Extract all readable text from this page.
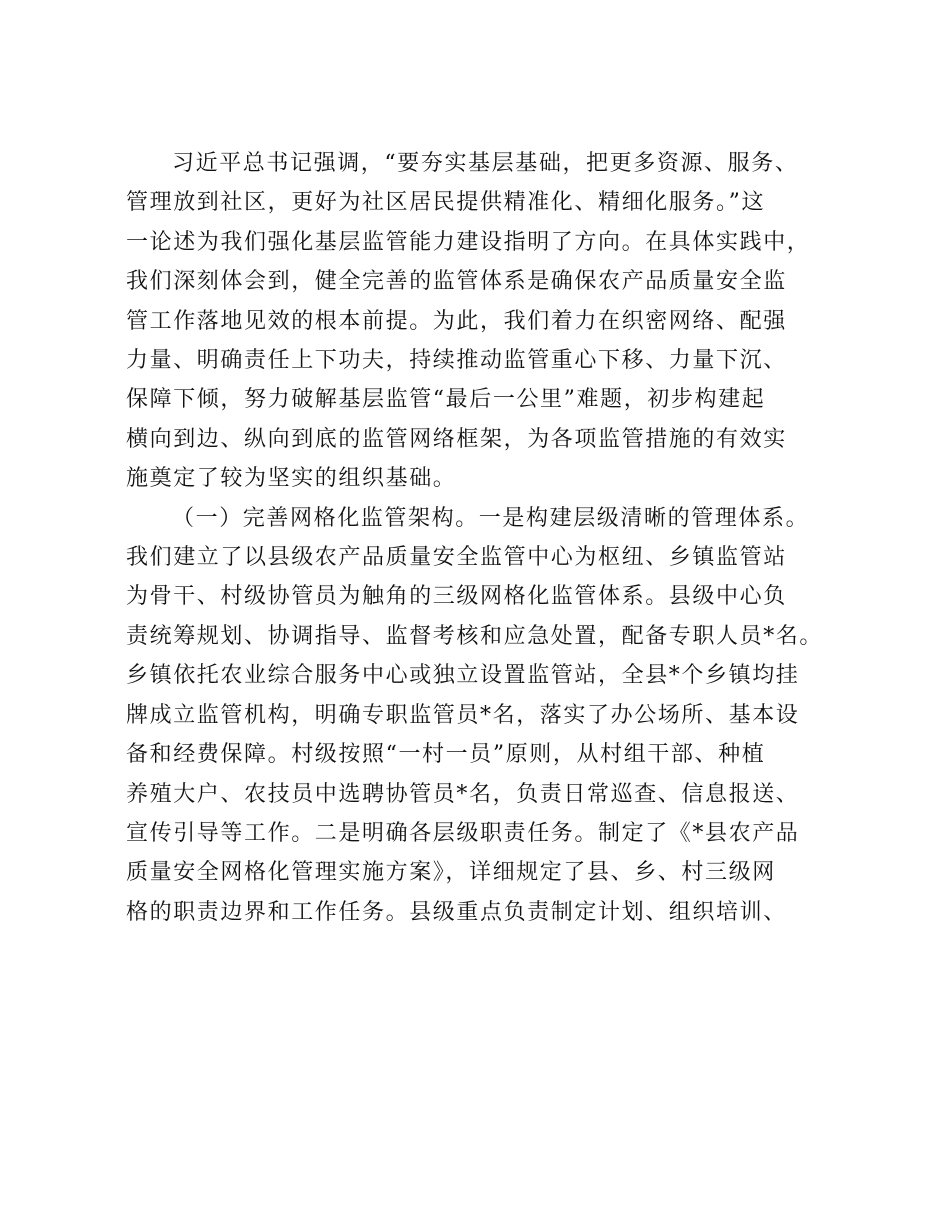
习近平总书记强调，“要夯实基层基础，把更多资源、服务、
管理放到社区，更好为社区居民提供精准化、精细化服务。”这
一论述为我们强化基层监管能力建设指明了方向。在具体实践中，
我们深刻体会到，健全完善的监管体系是确保农产品质量安全监
管工作落地见效的根本前提。为此，我们着力在织密网络、配强
力量、明确责任上下功夫，持续推动监管重心下移、力量下沉、
保障下倾，努力破解基层监管“最后一公里”难题，初步构建起
横向到边、纵向到底的监管网络框架，为各项监管措施的有效实
施奠定了较为坚实的组织基础。
（一）完善网格化监管架构。一是构建层级清晰的管理体系。
我们建立了以县级农产品质量安全监管中心为枢纽、乡镇监管站
为骨干、村级协管员为触角的三级网格化监管体系。县级中心负
责统筹规划、协调指导、监督考核和应急处置，配备专职人员*名。
乡镇依托农业综合服务中心或独立设置监管站，全县*个乡镇均挂
牌成立监管机构，明确专职监管员*名，落实了办公场所、基本设
备和经费保障。村级按照“一村一员”原则，从村组干部、种植
养殖大户、农技员中选聘协管员*名，负责日常巡查、信息报送、
宣传引导等工作。二是明确各层级职责任务。制定了《*县农产品
质量安全网格化管理实施方案》，详细规定了县、乡、村三级网
格的职责边界和工作任务。县级重点负责制定计划、组织培训、
